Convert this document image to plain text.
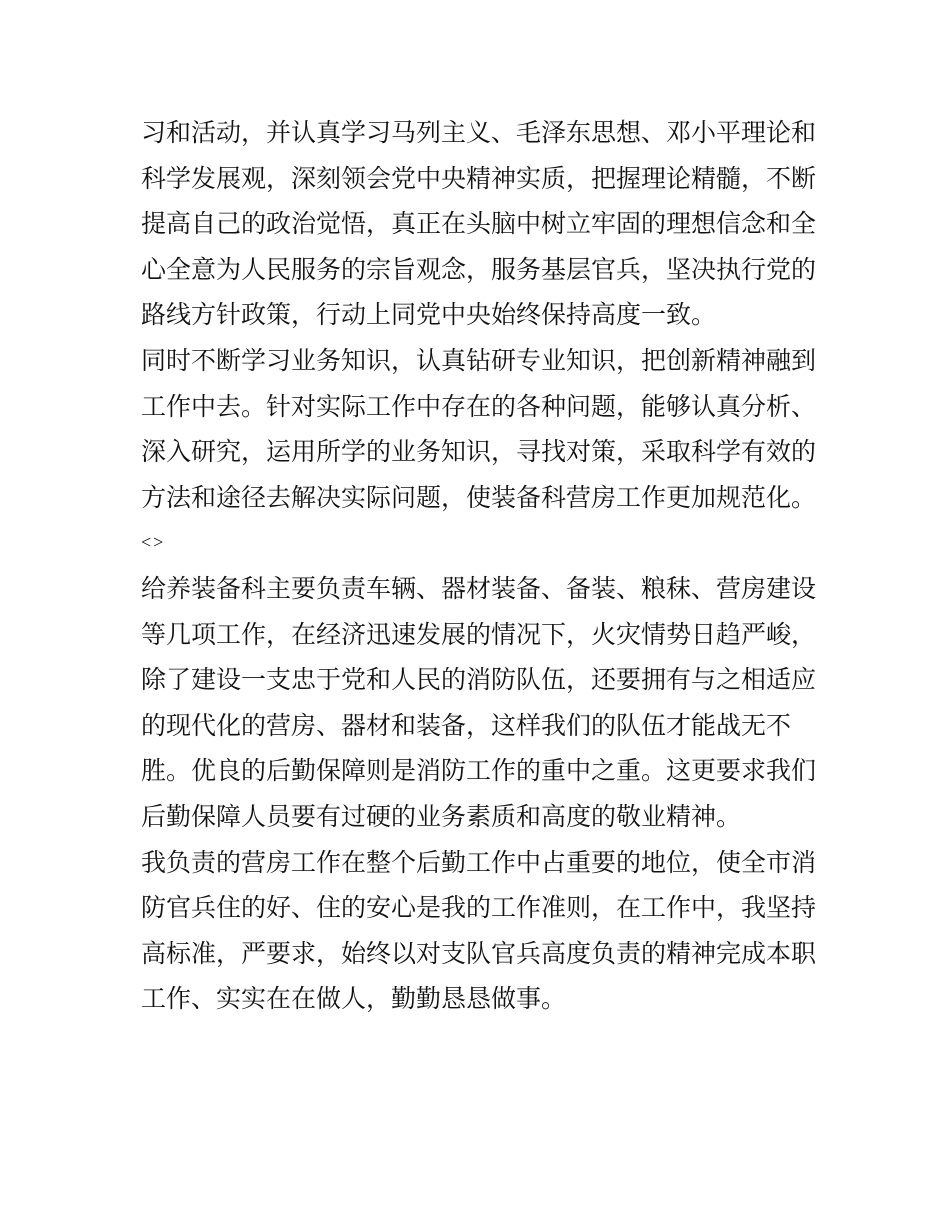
习和活动，并认真学习马列主义、毛泽东思想、邓小平理论和
科学发展观，深刻领会党中央精神实质，把握理论精髓，不断
提高自己的政治觉悟，真正在头脑中树立牢固的理想信念和全
心全意为人民服务的宗旨观念，服务基层官兵，坚决执行党的
路线方针政策，行动上同党中央始终保持高度一致。
同时不断学习业务知识，认真钻研专业知识，把创新精神融到
工作中去。针对实际工作中存在的各种问题，能够认真分析、
深入研究，运用所学的业务知识，寻找对策，采取科学有效的
方法和途径去解决实际问题，使装备科营房工作更加规范化。
<>
给养装备科主要负责车辆、器材装备、备装、粮秣、营房建设
等几项工作，在经济迅速发展的情况下，火灾情势日趋严峻，
除了建设一支忠于党和人民的消防队伍，还要拥有与之相适应
的现代化的营房、器材和装备，这样我们的队伍才能战无不
胜。优良的后勤保障则是消防工作的重中之重。这更要求我们
后勤保障人员要有过硬的业务素质和高度的敬业精神。
我负责的营房工作在整个后勤工作中占重要的地位，使全市消
防官兵住的好、住的安心是我的工作准则，在工作中，我坚持
高标准，严要求，始终以对支队官兵高度负责的精神完成本职
工作、实实在在做人，勤勤恳恳做事。
